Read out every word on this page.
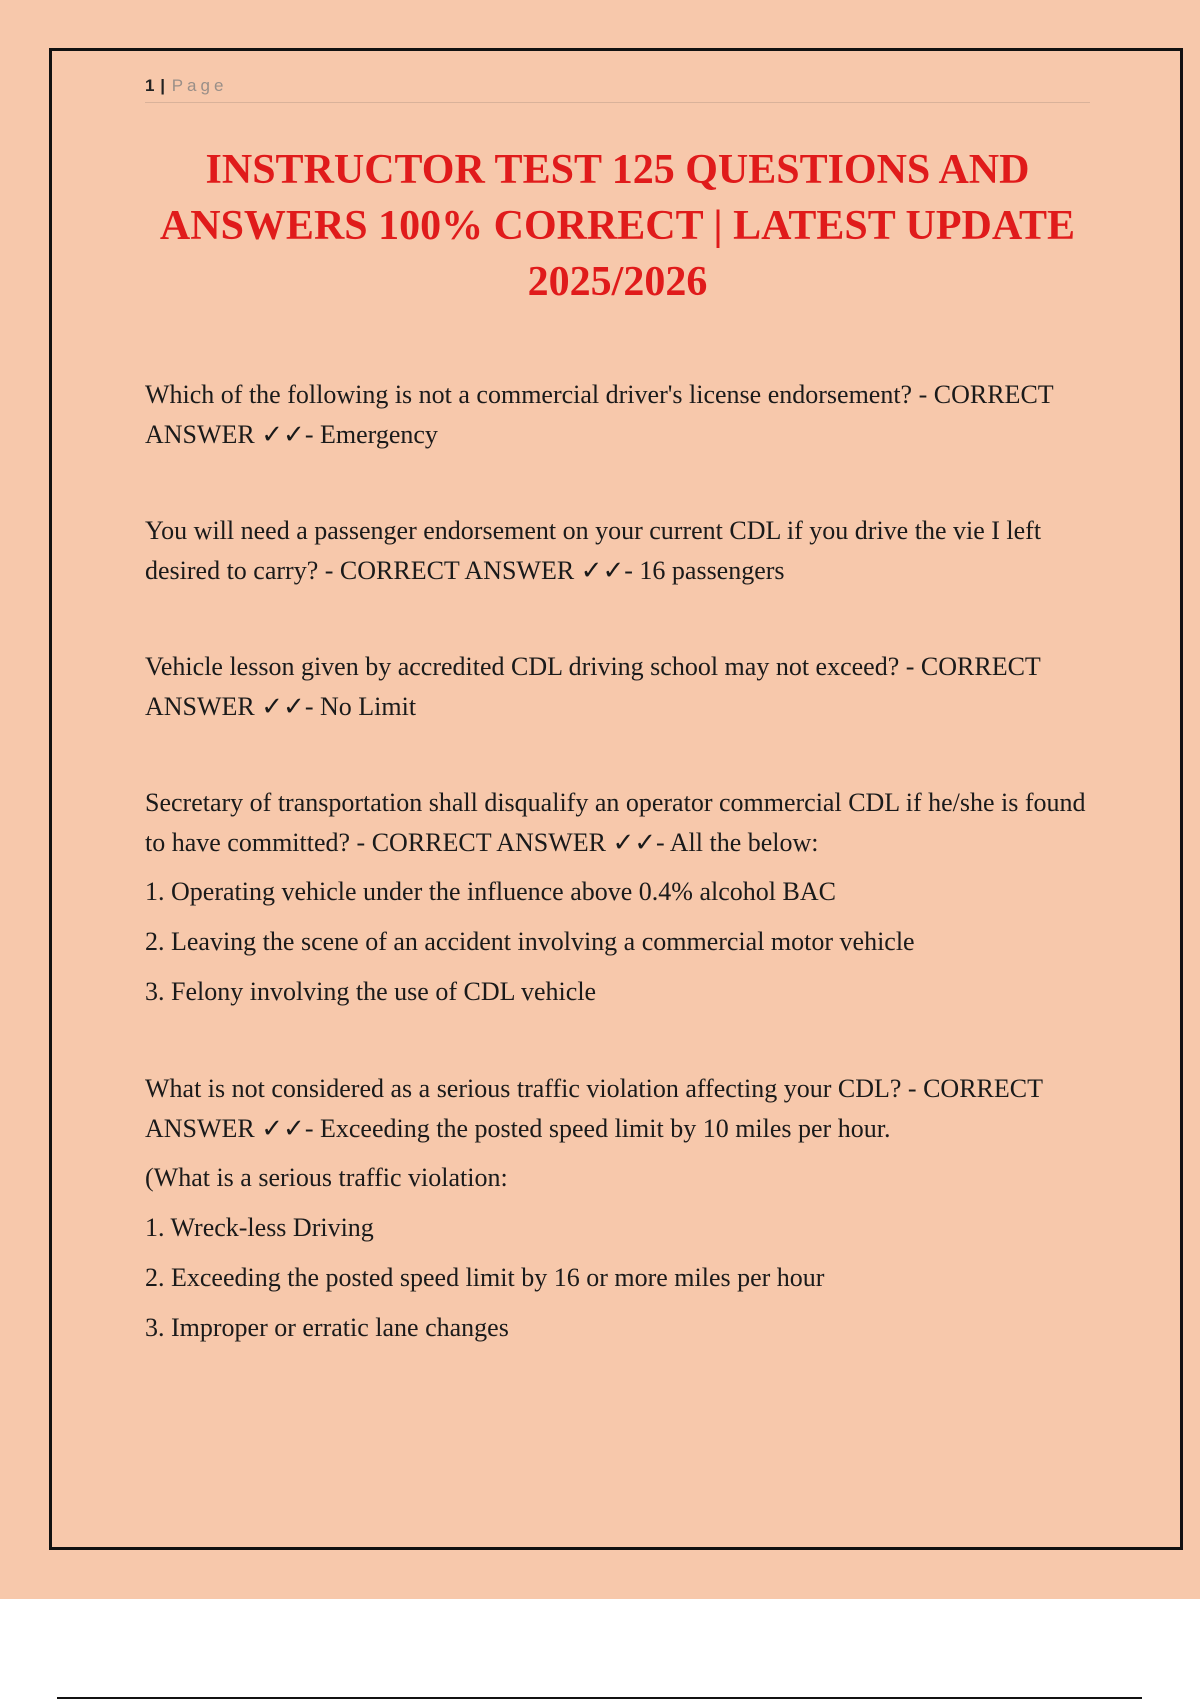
1 | Page
INSTRUCTOR TEST 125 QUESTIONS AND ANSWERS 100% CORRECT | LATEST UPDATE 2025/2026

Which of the following is not a commercial driver's license endorsement? - CORRECT ANSWER ✓✓- Emergency

You will need a passenger endorsement on your current CDL if you drive the vie I left desired to carry? - CORRECT ANSWER ✓✓- 16 passengers

Vehicle lesson given by accredited CDL driving school may not exceed? - CORRECT ANSWER ✓✓- No Limit

Secretary of transportation shall disqualify an operator commercial CDL if he/she is found to have committed? - CORRECT ANSWER ✓✓- All the below:

1. Operating vehicle under the influence above 0.4% alcohol BAC

2. Leaving the scene of an accident involving a commercial motor vehicle

3. Felony involving the use of CDL vehicle

What is not considered as a serious traffic violation affecting your CDL? - CORRECT ANSWER ✓✓- Exceeding the posted speed limit by 10 miles per hour.

(What is a serious traffic violation:

1. Wreck-less Driving

2. Exceeding the posted speed limit by 16 or more miles per hour

3. Improper or erratic lane changes
